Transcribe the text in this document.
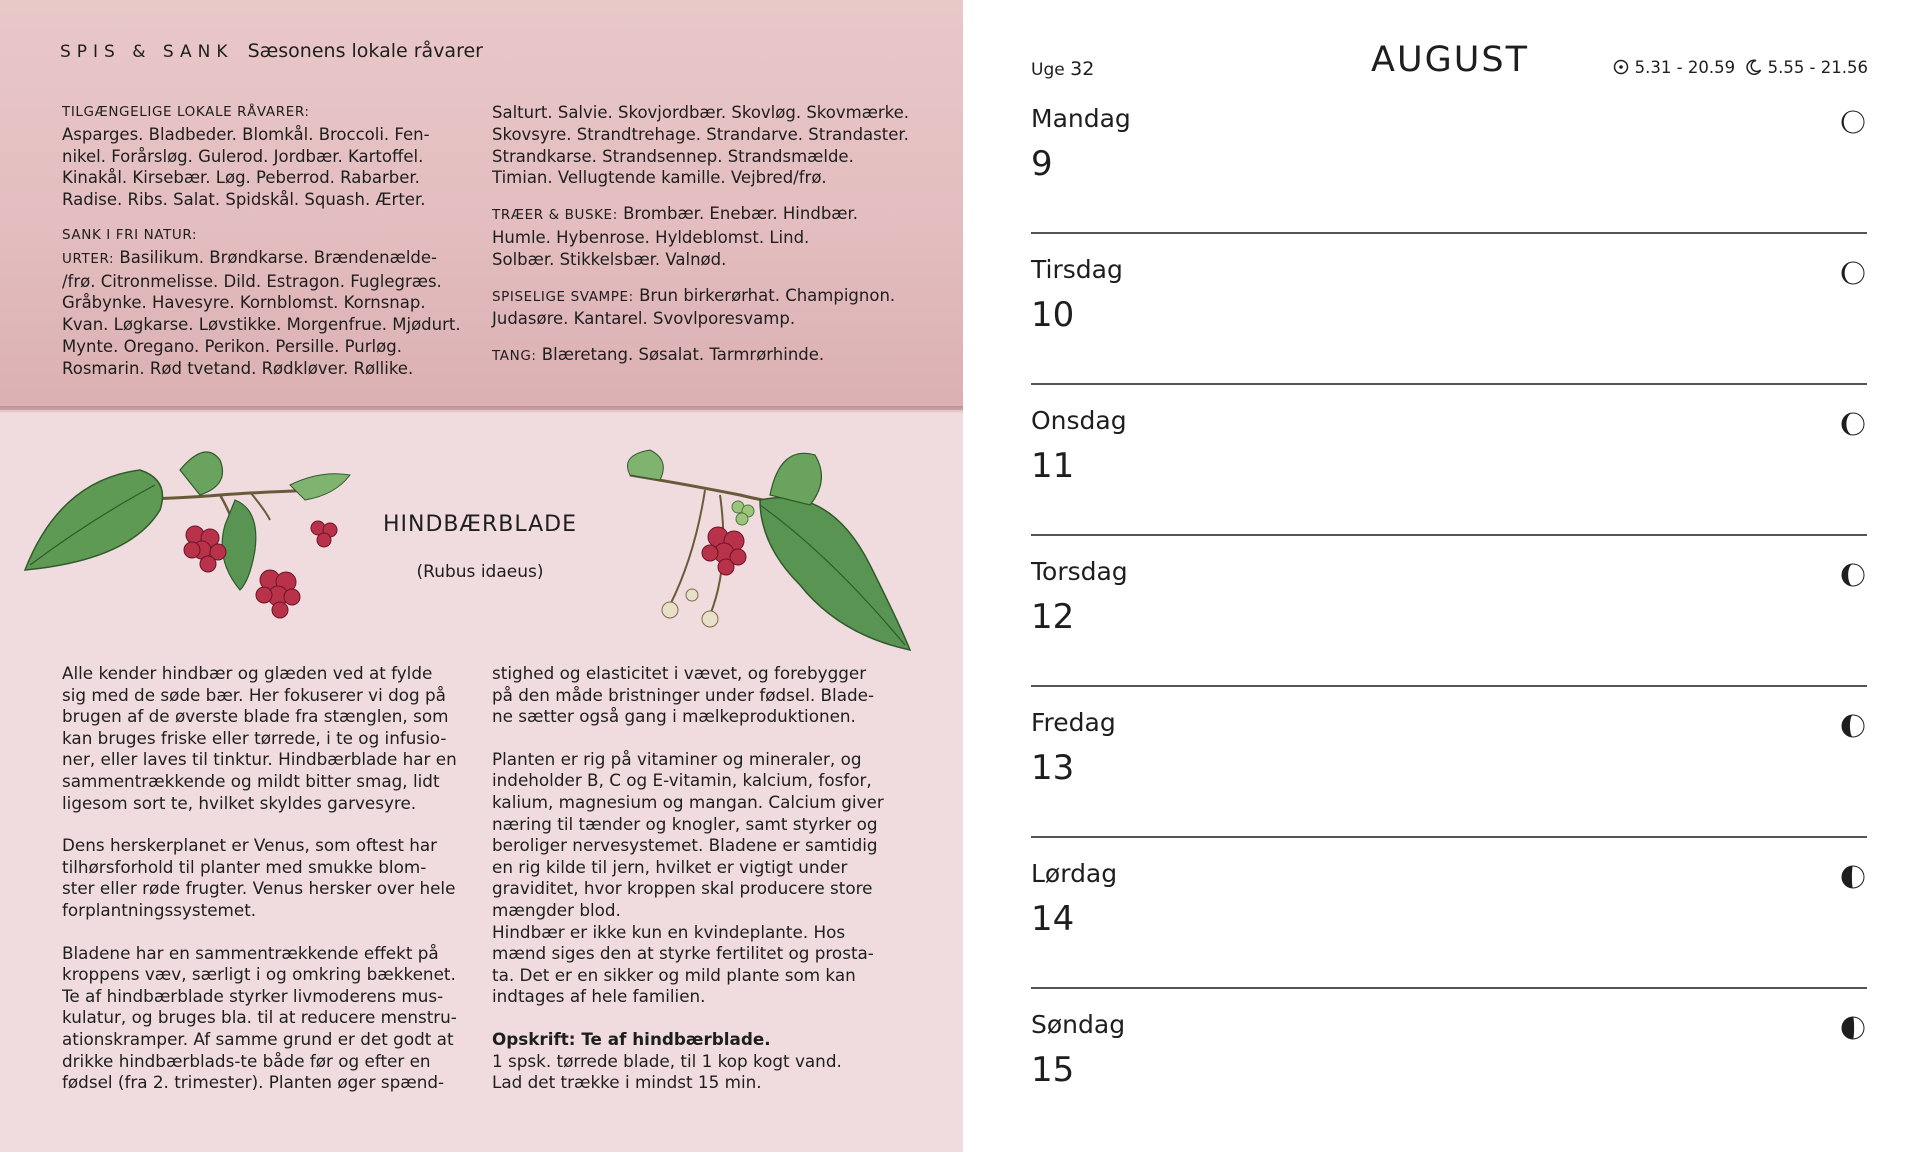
SPIS & SANK Sæsonens lokale råvarer

TILGÆNGELIGE LOKALE RÅVARER:

Asparges. Bladbeder. Blomkål. Broccoli. Fen-

nikel. Forårsløg. Gulerod. Jordbær. Kartoffel.

Kinakål. Kirsebær. Løg. Peberrod. Rabarber.

Radise. Ribs. Salat. Spidskål. Squash. Ærter.

SANK I FRI NATUR:

URTER: Basilikum. Brøndkarse. Brændenælde-

/frø. Citronmelisse. Dild. Estragon. Fuglegræs.

Gråbynke. Havesyre. Kornblomst. Kornsnap.

Kvan. Løgkarse. Løvstikke. Morgenfrue. Mjødurt.

Mynte. Oregano. Perikon. Persille. Purløg.

Rosmarin. Rød tvetand. Rødkløver. Røllike.

Salturt. Salvie. Skovjordbær. Skovløg. Skovmærke.

Skovsyre. Strandtrehage. Strandarve. Strandaster.

Strandkarse. Strandsennep. Strandsmælde.

Timian. Vellugtende kamille. Vejbred/frø.

TRÆER & BUSKE: Brombær. Enebær. Hindbær.

Humle. Hybenrose. Hyldeblomst. Lind.

Solbær. Stikkelsbær. Valnød.

SPISELIGE SVAMPE: Brun birkerørhat. Champignon.

Judasøre. Kantarel. Svovlporesvamp.

TANG: Blæretang. Søsalat. Tarmrørhinde.

HINDBÆRBLADE
(Rubus idaeus)

Alle kender hindbær og glæden ved at fylde

sig med de søde bær. Her fokuserer vi dog på

brugen af de øverste blade fra stænglen, som

kan bruges friske eller tørrede, i te og infusio-

ner, eller laves til tinktur. Hindbærblade har en

sammentrækkende og mildt bitter smag, lidt

ligesom sort te, hvilket skyldes garvesyre.

Dens herskerplanet er Venus, som oftest har

tilhørsforhold til planter med smukke blom-

ster eller røde frugter. Venus hersker over hele

forplantningssystemet.

Bladene har en sammentrækkende effekt på

kroppens væv, særligt i og omkring bækkenet.

Te af hindbærblade styrker livmoderens mus-

kulatur, og bruges bla. til at reducere menstru-

ationskramper. Af samme grund er det godt at

drikke hindbærblads-te både før og efter en

fødsel (fra 2. trimester). Planten øger spænd-

stighed og elasticitet i vævet, og forebygger

på den måde bristninger under fødsel. Blade-

ne sætter også gang i mælkeproduktionen.

Planten er rig på vitaminer og mineraler, og

indeholder B, C og E-vitamin, kalcium, fosfor,

kalium, magnesium og mangan. Calcium giver

næring til tænder og knogler, samt styrker og

beroliger nervesystemet. Bladene er samtidig

en rig kilde til jern, hvilket er vigtigt under

graviditet, hvor kroppen skal producere store

mængder blod.

Hindbær er ikke kun en kvindeplante. Hos

mænd siges den at styrke fertilitet og prosta-

ta. Det er en sikker og mild plante som kan

indtages af hele familien.

Opskrift: Te af hindbærblade.

1 spsk. tørrede blade, til 1 kop kogt vand.

Lad det trække i mindst 15 min.

Uge 32	AUGUST	5.31 - 20.59 5.55 - 21.56
Mandag
9
Tirsdag
10
Onsdag
11
Torsdag
12
Fredag
13
Lørdag
14
Søndag
15
